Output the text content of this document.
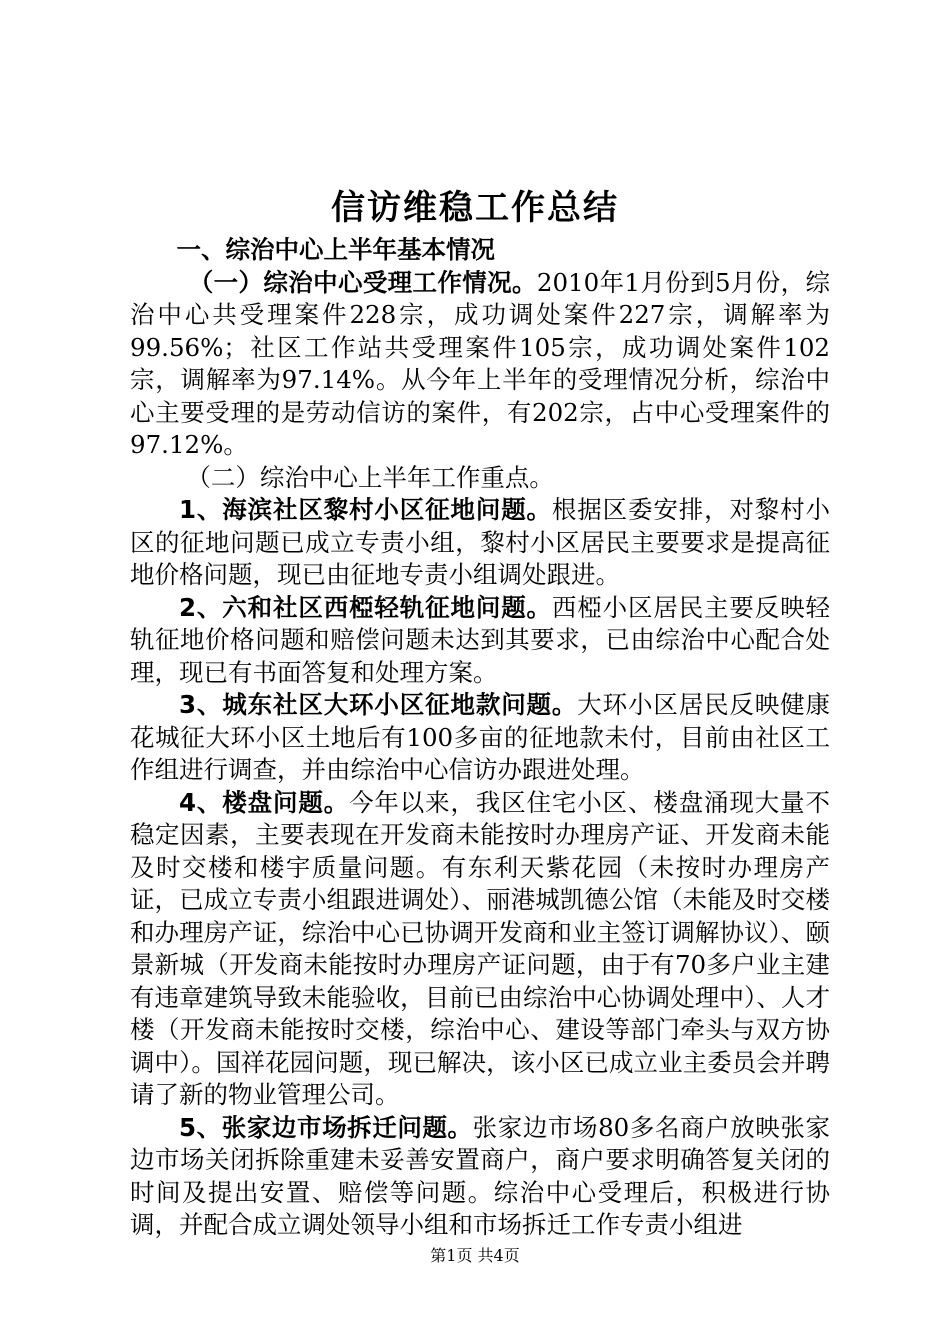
信访维稳工作总结

一、综治中心上半年基本情况

（一）综治中心受理工作情况。2010年1月份到5月份，综治中心共受理案件228宗，成功调处案件227宗，调解率为99.56%；社区工作站共受理案件105宗，成功调处案件102宗，调解率为97.14%。从今年上半年的受理情况分析，综治中心主要受理的是劳动信访的案件，有202宗，占中心受理案件的97.12%。

（二）综治中心上半年工作重点。

1、海滨社区黎村小区征地问题。根据区委安排，对黎村小区的征地问题已成立专责小组，黎村小区居民主要要求是提高征地价格问题，现已由征地专责小组调处跟进。

2、六和社区西椏轻轨征地问题。西椏小区居民主要反映轻轨征地价格问题和赔偿问题未达到其要求，已由综治中心配合处理，现已有书面答复和处理方案。

3、城东社区大环小区征地款问题。大环小区居民反映健康花城征大环小区土地后有100多亩的征地款未付，目前由社区工作组进行调查，并由综治中心信访办跟进处理。

4、楼盘问题。今年以来，我区住宅小区、楼盘涌现大量不稳定因素，主要表现在开发商未能按时办理房产证、开发商未能及时交楼和楼宇质量问题。有东利天紫花园（未按时办理房产证，已成立专责小组跟进调处）、丽港城凯德公馆（未能及时交楼和办理房产证，综治中心已协调开发商和业主签订调解协议）、颐景新城（开发商未能按时办理房产证问题，由于有70多户业主建有违章建筑导致未能验收，目前已由综治中心协调处理中）、人才楼（开发商未能按时交楼，综治中心、建设等部门牵头与双方协调中）。国祥花园问题，现已解决，该小区已成立业主委员会并聘请了新的物业管理公司。

5、张家边市场拆迁问题。张家边市场80多名商户放映张家边市场关闭拆除重建未妥善安置商户，商户要求明确答复关闭的时间及提出安置、赔偿等问题。综治中心受理后，积极进行协调，并配合成立调处领导小组和市场拆迁工作专责小组进

第1页 共4页
